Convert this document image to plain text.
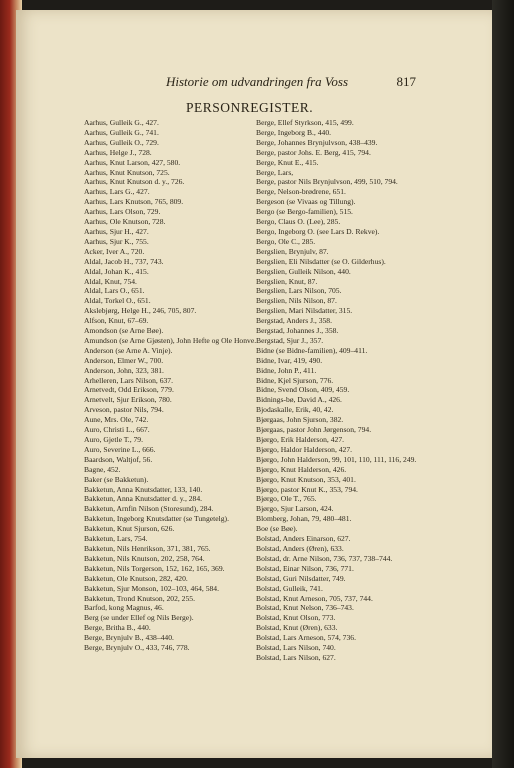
Historie om udvandringen fra Voss	817
PERSONREGISTER.
Aarhus, Gulleik G., 427.
Aarhus, Gulleik G., 741.
Aarhus, Gulleik O., 729.
Aarhus, Helge J., 728.
Aarhus, Knut Larson, 427, 580.
Aarhus, Knut Knutson, 725.
Aarhus, Knut Knutson d. y., 726.
Aarhus, Lars G., 427.
Aarhus, Lars Knutson, 765, 809.
Aarhus, Lars Olson, 729.
Aarhus, Ole Knutson, 728.
Aarhus, Sjur H., 427.
Aarhus, Sjur K., 755.
Acker, Iver A., 720.
Aldal, Jacob H., 737, 743.
Aldal, Johan K., 415.
Aldal, Knut, 754.
Aldal, Lars O., 651.
Aldal, Torkel O., 651.
Akslebjørg, Helge H., 246, 705, 807.
Alfson, Knut, 67–69.
Amondson (se Arne Bøe).
Amundson (se Arne Gjøsten), John Hefte og Ole Honve.
Anderson (se Arne A. Vinje).
Anderson, Elmer W., 700.
Anderson, John, 323, 381.
Arhelleren, Lars Nilson, 637.
Arnetvedt, Odd Erikson, 779.
Arnetvelt, Sjur Erikson, 780.
Arveson, pastor Nils, 794.
Aune, Mrs. Ole, 742.
Auro, Christi L., 667.
Auro, Gjetle T., 79.
Auro, Severine L., 666.
Baardson, Waltjof, 56.
Bagne, 452.
Baker (se Bakketun).
Bakketun, Anna Knutsdatter, 133, 140.
Bakketun, Anna Knutsdatter d. y., 284.
Bakketun, Arnfin Nilson (Storesund), 284.
Bakketun, Ingeborg Knutsdatter (se Tungetelg).
Bakketun, Knut Sjurson, 626.
Bakketun, Lars, 754.
Bakketun, Nils Henrikson, 371, 381, 765.
Bakketun, Nils Knutson, 202, 258, 764.
Bakketun, Nils Torgerson, 152, 162, 165, 369.
Bakketun, Ole Knutson, 282, 420.
Bakketun, Sjur Monson, 102–103, 464, 584.
Bakketun, Trond Knutson, 202, 255.
Barfod, kong Magnus, 46.
Berg (se under Ellef og Nils Berge).
Berge, Britha B., 440.
Berge, Brynjulv B., 438–440.
Berge, Brynjulv O., 433, 746, 778.
Berge, Ellef Styrkson, 415, 499.
Berge, Ingeborg B., 440.
Berge, Johannes Brynjulvson, 438–439.
Berge, pastor Johs. E. Berg, 415, 794.
Berge, Knut E., 415.
Berge, Lars,
Berge, pastor Nils Brynjulvson, 499, 510, 794.
Berge, Nelson-brødrene, 651.
Bergeson (se Vivaas og Tillung).
Bergo (se Bergo-familien), 515.
Bergo, Claus O. (Lee), 285.
Bergo, Ingeborg O. (see Lars D. Rekve).
Bergo, Ole C., 285.
Bergslien, Brynjulv, 87.
Bergslien, Eli Nilsdatter (se O. Gilderhus).
Bergslien, Gulleik Nilson, 440.
Bergslien, Knut, 87.
Bergslien, Lars Nilson, 705.
Bergslien, Nils Nilson, 87.
Bergslien, Mari Nilsdatter, 315.
Bergstad, Anders J., 358.
Bergstad, Johannes J., 358.
Bergstad, Sjur J., 357.
Bidne (se Bidne-familien), 409–411.
Bidne, Ivar, 419, 490.
Bidne, John P., 411.
Bidne, Kjel Sjurson, 776.
Bidne, Svend Olson, 409, 459.
Bidnings-bø, David A., 426.
Bjodaskalle, Erik, 40, 42.
Bjørgaas, John Sjurson, 382.
Bjørgaas, pastor John Jørgenson, 794.
Bjørgo, Erik Halderson, 427.
Bjørgo, Haldor Halderson, 427.
Bjørgo, John Halderson, 99, 101, 110, 111, 116, 249.
Bjørgo, Knut Halderson, 426.
Bjørgo, Knut Knutson, 353, 401.
Bjørgo, pastor Knut K., 353, 794.
Bjørgo, Ole T., 765.
Bjørgo, Sjur Larson, 424.
Blomberg, Johan, 79, 480–481.
Boe (se Bøe).
Bolstad, Anders Einarson, 627.
Bolstad, Anders (Øren), 633.
Bolstad, dr. Arne Nilson, 736, 737, 738–744.
Bolstad, Einar Nilson, 736, 771.
Bolstad, Guri Nilsdatter, 749.
Bolstad, Gulleik, 741.
Bolstad, Knut Arneson, 705, 737, 744.
Bolstad, Knut Nelson, 736–743.
Bolstad, Knut Olson, 773.
Bolstad, Knut (Øren), 633.
Bolstad, Lars Arneson, 574, 736.
Bolstad, Lars Nilson, 740.
Bolstad, Lars Nilson, 627.
